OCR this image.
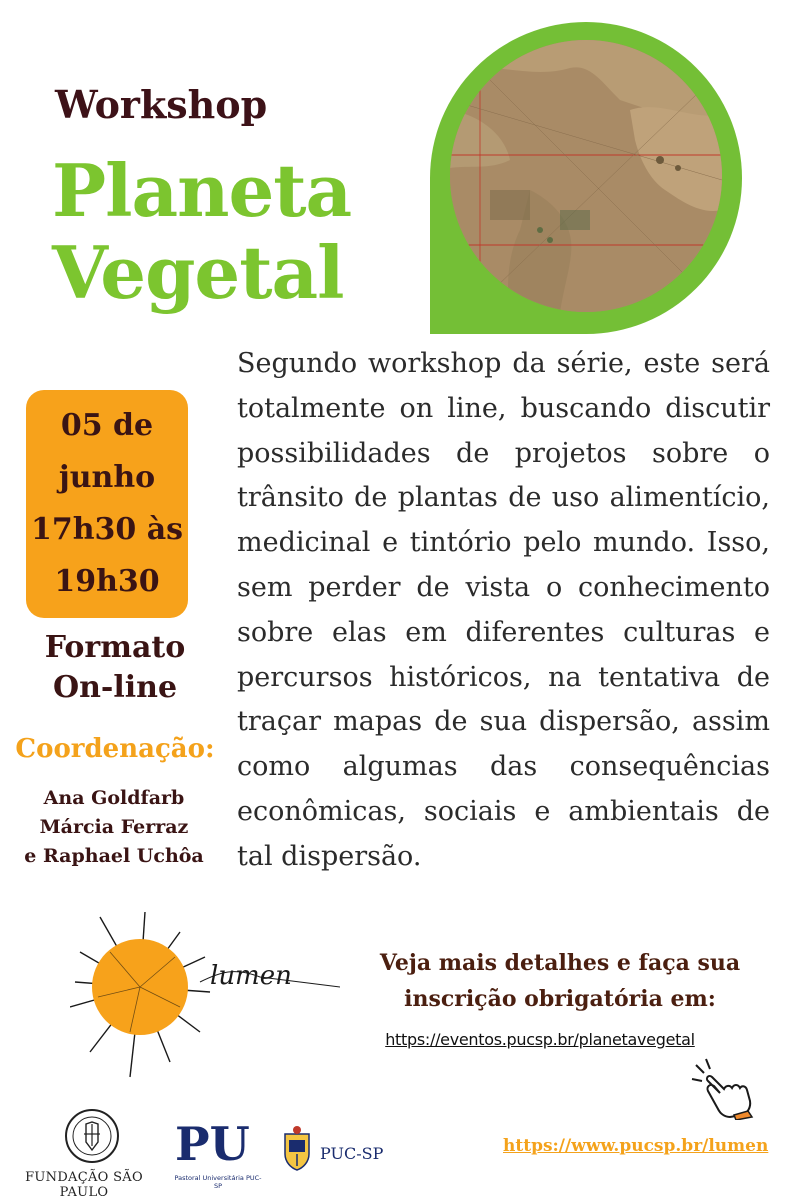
Workshop
Planeta
Vegetal
05 de
junho
17h30 às
19h30
Formato
On-line
Coordenação:
Ana Goldfarb
Márcia Ferraz
e Raphael Uchôa
Segundo workshop da série, este será totalmente on line, buscando discutir possibilidades de projetos sobre o trânsito de plantas de uso alimentício, medicinal e tintório pelo mundo. Isso, sem perder de vista o conhecimento sobre elas em diferentes culturas e percursos históricos, na tentativa de traçar mapas de sua dispersão, assim como algumas das consequências econômicas, sociais e ambientais de tal dispersão.
lumen	Veja mais detalhes e faça sua
inscrição obrigatória em:
https://eventos.pucsp.br/planetavegetal
FUNDAÇÃO SÃO PAULO
PU
Pastoral Universitária PUC-SP
PUC-SP	https://www.pucsp.br/lumen
